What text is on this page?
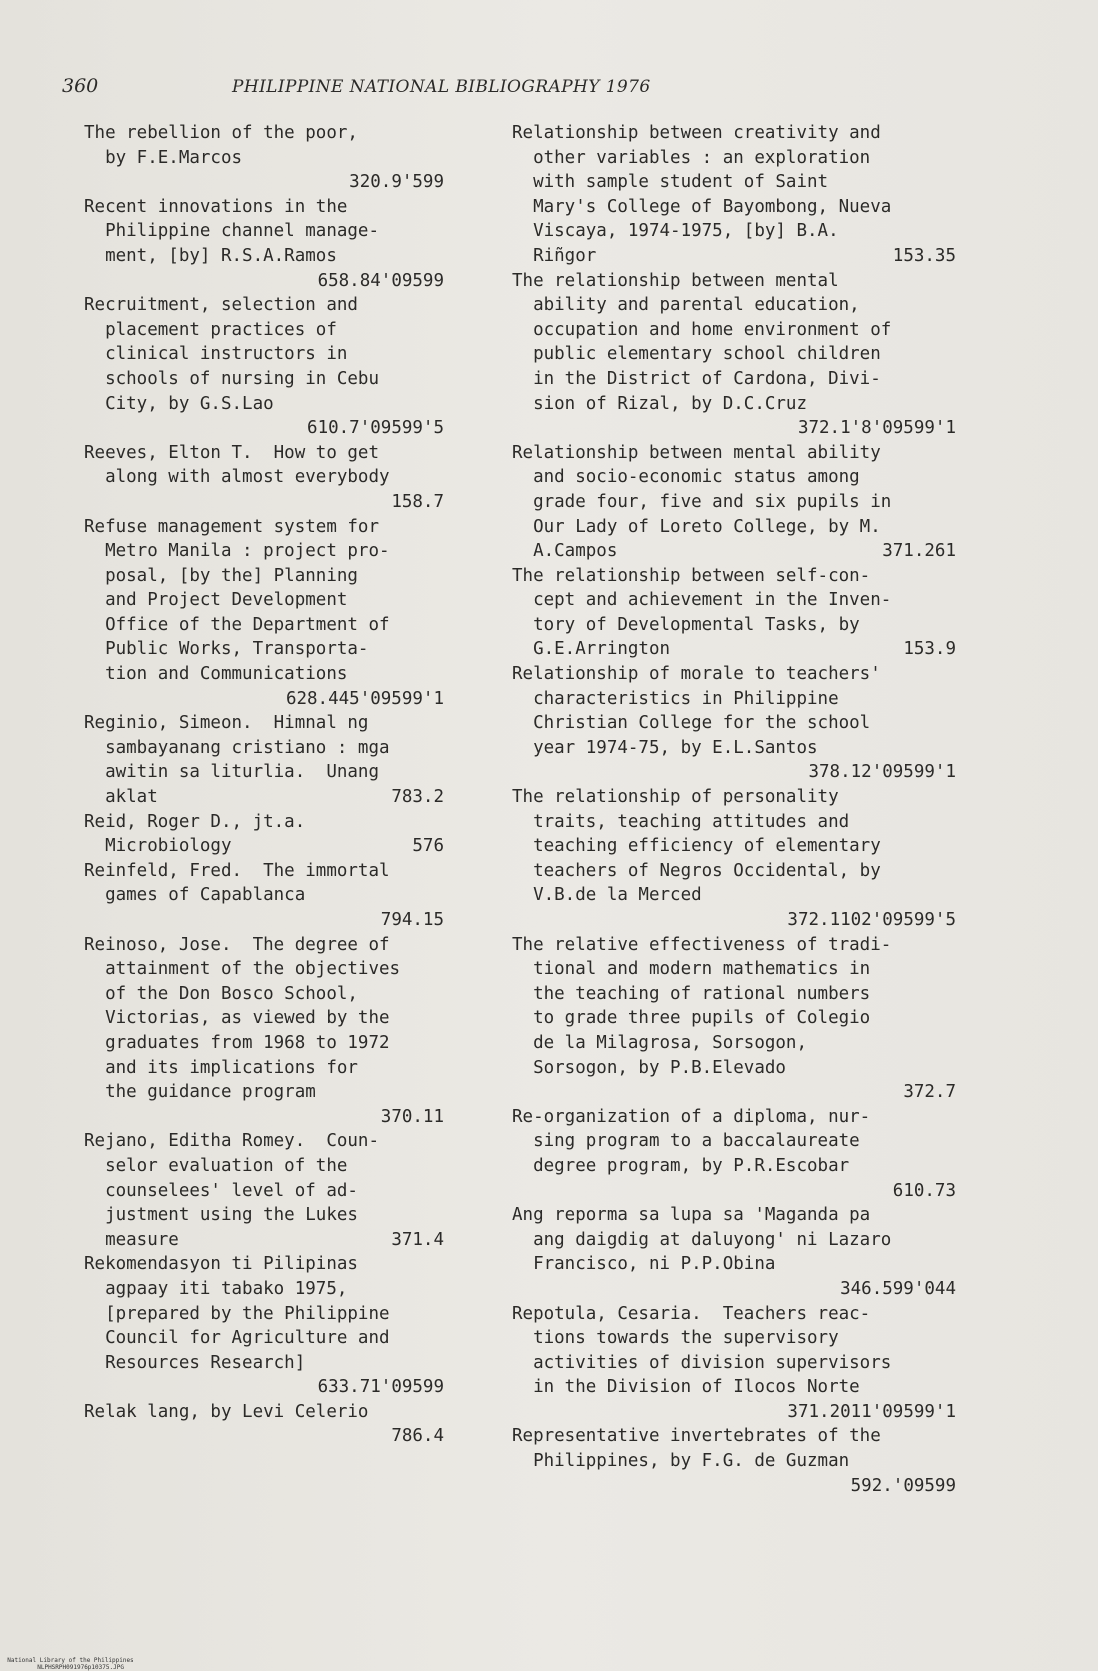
360	PHILIPPINE NATIONAL BIBLIOGRAPHY 1976
The rebellion of the poor,
by F.E.Marcos
320.9'599
Recent innovations in the
Philippine channel manage-
ment, [by] R.S.A.Ramos
658.84'09599
Recruitment, selection and
placement practices of
clinical instructors in
schools of nursing in Cebu
City, by G.S.Lao
610.7'09599'5
Reeves, Elton T.  How to get
along with almost everybody
158.7
Refuse management system for
Metro Manila : project pro-
posal, [by the] Planning
and Project Development
Office of the Department of
Public Works, Transporta-
tion and Communications
628.445'09599'1
Reginio, Simeon.  Himnal ng
sambayanang cristiano : mga
awitin sa liturlia.  Unang
aklat	783.2
Reid, Roger D., jt.a.
Microbiology	576
Reinfeld, Fred.  The immortal
games of Capablanca
794.15
Reinoso, Jose.  The degree of
attainment of the objectives
of the Don Bosco School,
Victorias, as viewed by the
graduates from 1968 to 1972
and its implications for
the guidance program
370.11
Rejano, Editha Romey.  Coun-
selor evaluation of the
counselees' level of ad-
justment using the Lukes
measure	371.4
Rekomendasyon ti Pilipinas
agpaay iti tabako 1975,
[prepared by the Philippine
Council for Agriculture and
Resources Research]
633.71'09599
Relak lang, by Levi Celerio
786.4
Relationship between creativity and
other variables : an exploration
with sample student of Saint
Mary's College of Bayombong, Nueva
Viscaya, 1974-1975, [by] B.A.
Riñgor	153.35
The relationship between mental
ability and parental education,
occupation and home environment of
public elementary school children
in the District of Cardona, Divi-
sion of Rizal, by D.C.Cruz
372.1'8'09599'1
Relationship between mental ability
and socio-economic status among
grade four, five and six pupils in
Our Lady of Loreto College, by M.
A.Campos	371.261
The relationship between self-con-
cept and achievement in the Inven-
tory of Developmental Tasks, by
G.E.Arrington	153.9
Relationship of morale to teachers'
characteristics in Philippine
Christian College for the school
year 1974-75, by E.L.Santos
378.12'09599'1
The relationship of personality
traits, teaching attitudes and
teaching efficiency of elementary
teachers of Negros Occidental, by
V.B.de la Merced
372.1102'09599'5
The relative effectiveness of tradi-
tional and modern mathematics in
the teaching of rational numbers
to grade three pupils of Colegio
de la Milagrosa, Sorsogon,
Sorsogon, by P.B.Elevado
372.7
Re-organization of a diploma, nur-
sing program to a baccalaureate
degree program, by P.R.Escobar
610.73
Ang reporma sa lupa sa 'Maganda pa
ang daigdig at daluyong' ni Lazaro
Francisco, ni P.P.Obina
346.599'044
Repotula, Cesaria.  Teachers reac-
tions towards the supervisory
activities of division supervisors
in the Division of Ilocos Norte
371.2011'09599'1
Representative invertebrates of the
Philippines, by F.G. de Guzman
592.'09599

National Library of the Philippines
NLPHSRPH091976p10375.JPG
